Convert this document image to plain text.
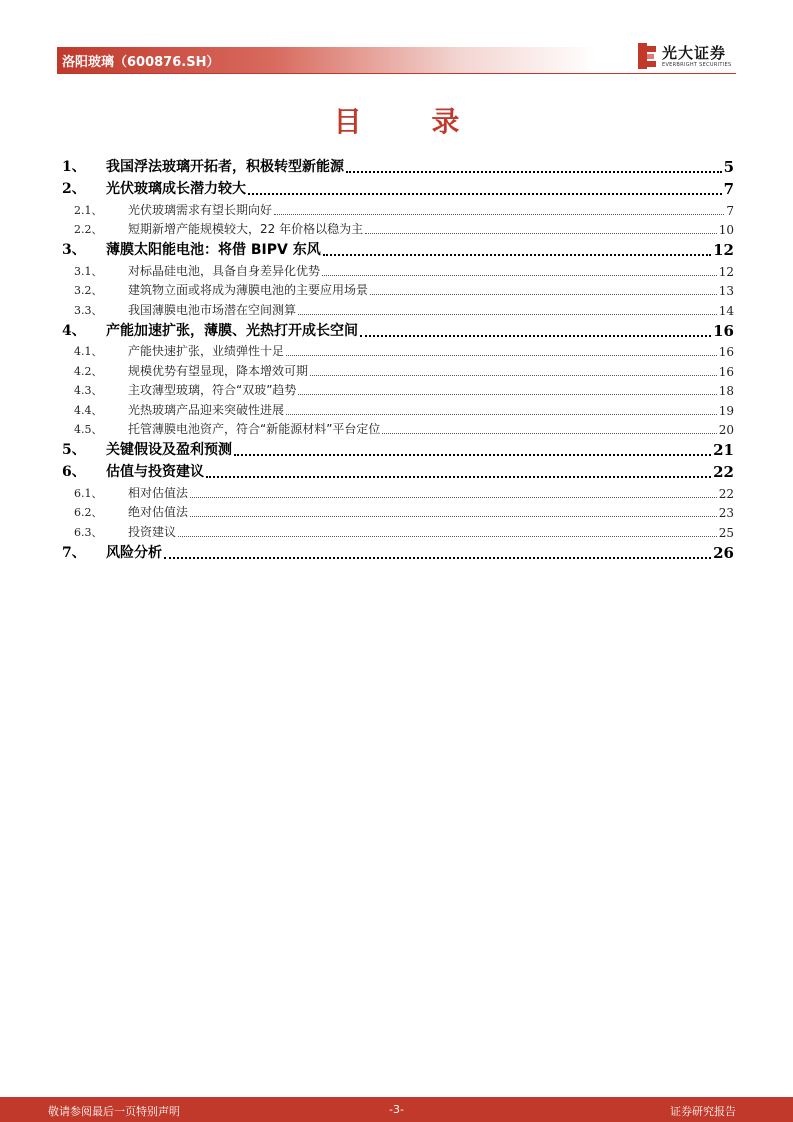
洛阳玻璃（600876.SH）
光大证券
EVERBRIGHT SECURITIES
目 录
1、	我国浮法玻璃开拓者，积极转型新能源	5
2、	光伏玻璃成长潜力较大	7
2.1、	光伏玻璃需求有望长期向好	7
2.2、	短期新增产能规模较大，22 年价格以稳为主	10
3、	薄膜太阳能电池：将借 BIPV 东风	12
3.1、	对标晶硅电池，具备自身差异化优势	12
3.2、	建筑物立面或将成为薄膜电池的主要应用场景	13
3.3、	我国薄膜电池市场潜在空间测算	14
4、	产能加速扩张，薄膜、光热打开成长空间	16
4.1、	产能快速扩张，业绩弹性十足	16
4.2、	规模优势有望显现，降本增效可期	16
4.3、	主攻薄型玻璃，符合“双玻”趋势	18
4.4、	光热玻璃产品迎来突破性进展	19
4.5、	托管薄膜电池资产，符合“新能源材料”平台定位	20
5、	关键假设及盈利预测	21
6、	估值与投资建议	22
6.1、	相对估值法	22
6.2、	绝对估值法	23
6.3、	投资建议	25
7、	风险分析	26
敬请参阅最后一页特别声明	-3-	证券研究报告
